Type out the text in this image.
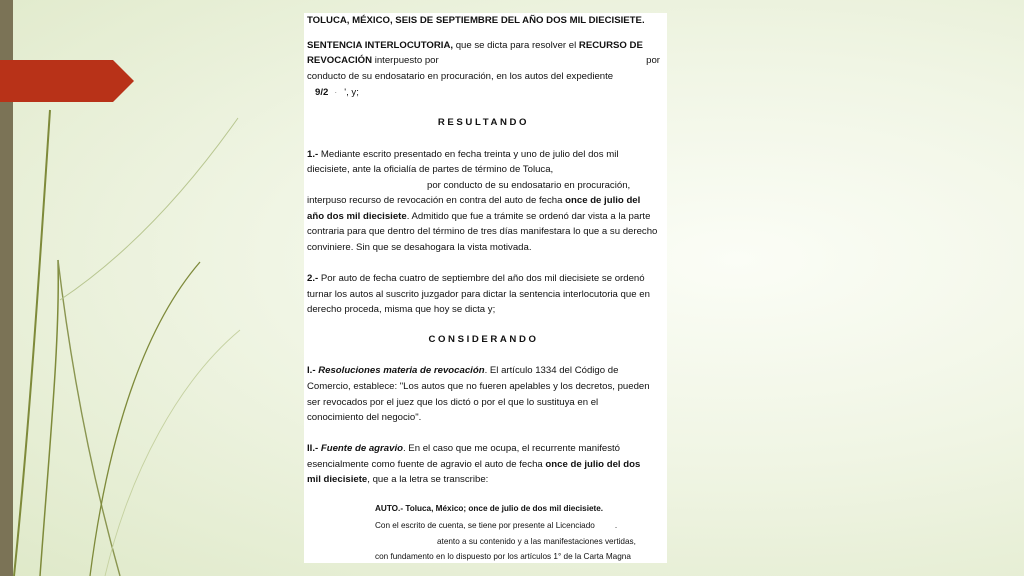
TOLUCA, MÉXICO, SEIS DE SEPTIEMBRE DEL AÑO DOS MIL DIECISIETE.

SENTENCIA INTERLOCUTORIA, que se dicta para resolver el RECURSO DE

REVOCACIÓN interpuesto por	por

conducto de su endosatario en procuración, en los autos del expediente

9/2  ·  ', y;

RESULTANDO

1.- Mediante escrito presentado en fecha treinta y uno de julio del dos mil

diecisiete, ante la oficialía de partes de término de Toluca,

por conducto de su endosatario en procuración,

interpuso recurso de revocación en contra del auto de fecha once de julio del

año dos mil diecisiete. Admitido que fue a trámite se ordenó dar vista a la parte

contraria para que dentro del término de tres días manifestara lo que a su derecho

conviniere. Sin que se desahogara la vista motivada.

2.- Por auto de fecha cuatro de septiembre del año dos mil diecisiete se ordenó

turnar los autos al suscrito juzgador para dictar la sentencia interlocutoria que en

derecho proceda, misma que hoy se dicta y;

CONSIDERANDO

I.- Resoluciones materia de revocación. El artículo 1334 del Código de

Comercio, establece: "Los autos que no fueren apelables y los decretos, pueden

ser revocados por el juez que los dictó o por el que lo sustituya en el

conocimiento del negocio".

II.- Fuente de agravio. En el caso que me ocupa, el recurrente manifestó

esencialmente como fuente de agravio el auto de fecha once de julio del dos

mil diecisiete, que a la letra se transcribe:

AUTO.- Toluca, México; once de julio de dos mil diecisiete.

Con el escrito de cuenta, se tiene por presente al Licenciado .

atento a su contenido y a las manifestaciones vertidas,

con fundamento en lo dispuesto por los artículos 1° de la Carta Magna
